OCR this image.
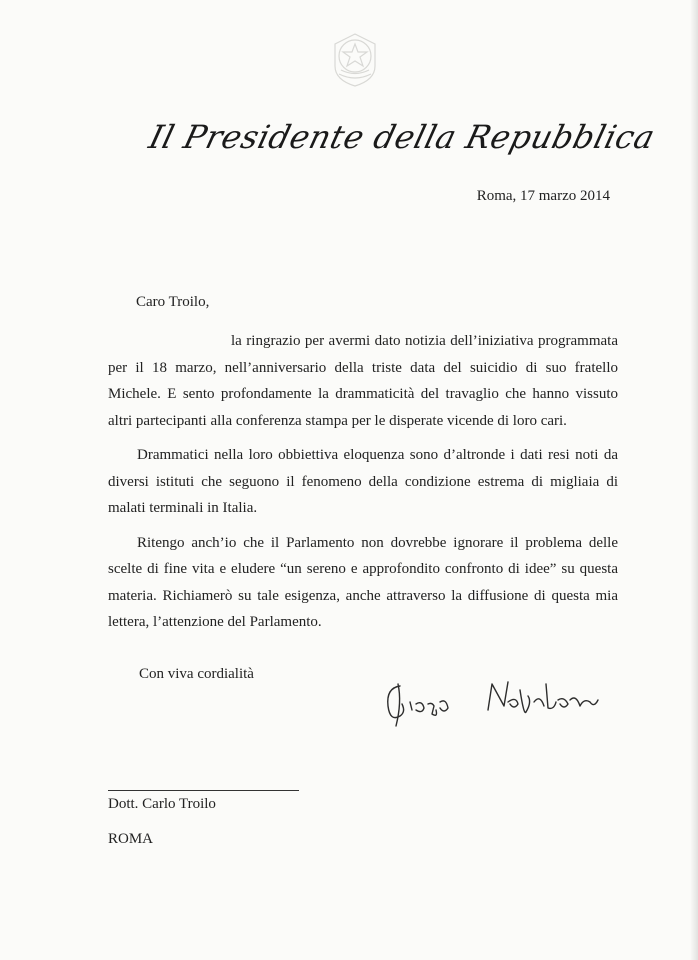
Il Presidente della Repubblica
Roma, 17 marzo 2014
Caro Troilo,

la ringrazio per avermi dato notizia dell’iniziativa programmata per il 18 marzo, nell’anniversario della triste data del suicidio di suo fratello Michele. E sento profondamente la drammaticità del travaglio che hanno vissuto altri partecipanti alla conferenza stampa per le disperate vicende di loro cari.

Drammatici nella loro obbiettiva eloquenza sono d’altronde i dati resi noti da diversi istituti che seguono il fenomeno della condizione estrema di migliaia di malati terminali in Italia.

Ritengo anch’io che il Parlamento non dovrebbe ignorare il problema delle scelte di fine vita e eludere “un sereno e approfondito confronto di idee” su questa materia. Richiamerò su tale esigenza, anche attraverso la diffusione di questa mia lettera, l’attenzione del Parlamento.

Con viva cordialità
Dott. Carlo Troilo
ROMA
